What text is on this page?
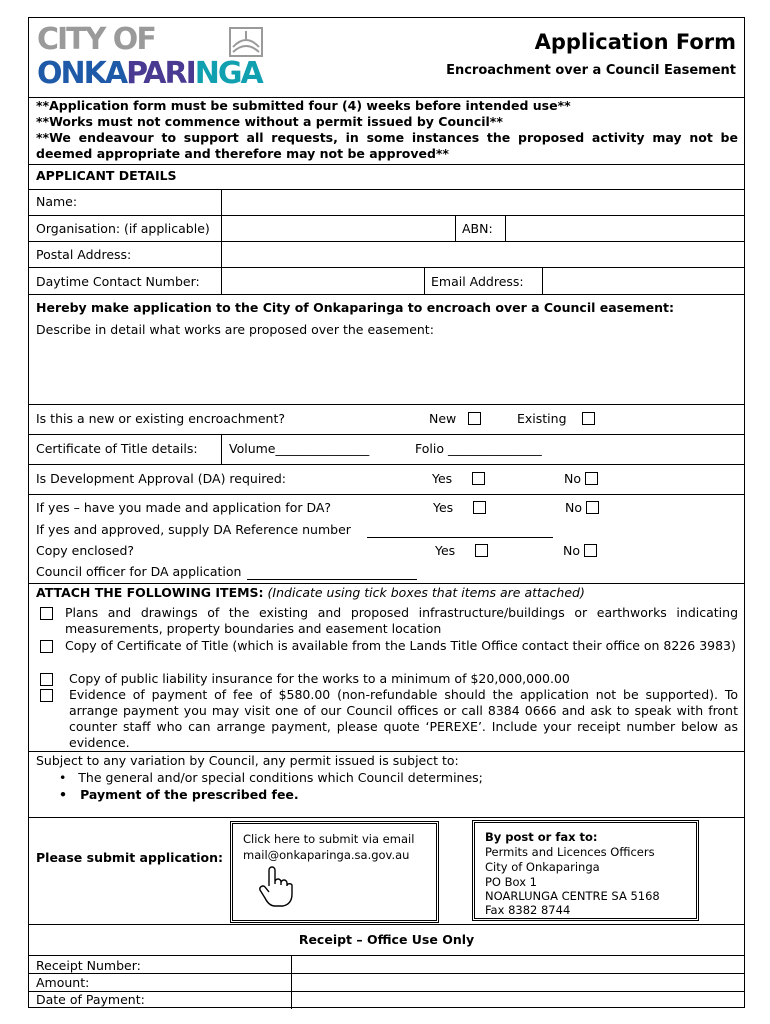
CITY OF
ONKAPARINGA
Application Form
Encroachment over a Council Easement
**Application form must be submitted four (4) weeks before intended use**
**Works must not commence without a permit issued by Council**
**We endeavour to support all requests, in some instances the proposed activity may not be deemed appropriate and therefore may not be approved**
APPLICANT DETAILS
Name:
Organisation: (if applicable)	ABN:
Postal Address:
Daytime Contact Number:	Email Address:
Hereby make application to the City of Onkaparinga to encroach over a Council easement:
Describe in detail what works are proposed over the easement:
Is this a new or existing encroachment?	New	Existing
Certificate of Title details:	Volume_______________	Folio _______________
Is Development Approval (DA) required:	Yes	No
If yes – have you made and application for DA?	Yes	No
If yes and approved, supply DA Reference number
Copy enclosed?	Yes	No
Council officer for DA application
ATTACH THE FOLLOWING ITEMS: (Indicate using tick boxes that items are attached)
Plans and drawings of the existing and proposed infrastructure/buildings or earthworks indicating measurements, property boundaries and easement location
Copy of Certificate of Title (which is available from the Lands Title Office contact their office on 8226 3983)
Copy of public liability insurance for the works to a minimum of $20,000,000.00
Evidence of payment of fee of $580.00 (non-refundable should the application not be supported). To arrange payment you may visit one of our Council offices or call 8384 0666 and ask to speak with front counter staff who can arrange payment, please quote ‘PEREXE’. Include your receipt number below as evidence.
Subject to any variation by Council, any permit issued is subject to:
• The general and/or special conditions which Council determines;
• Payment of the prescribed fee.
Please submit application:
Click here to submit via email
mail@onkaparinga.sa.gov.au
By post or fax to:
Permits and Licences Officers
City of Onkaparinga
PO Box 1
NOARLUNGA CENTRE SA 5168
Fax 8382 8744
Receipt – Office Use Only
Receipt Number:
Amount:
Date of Payment:
